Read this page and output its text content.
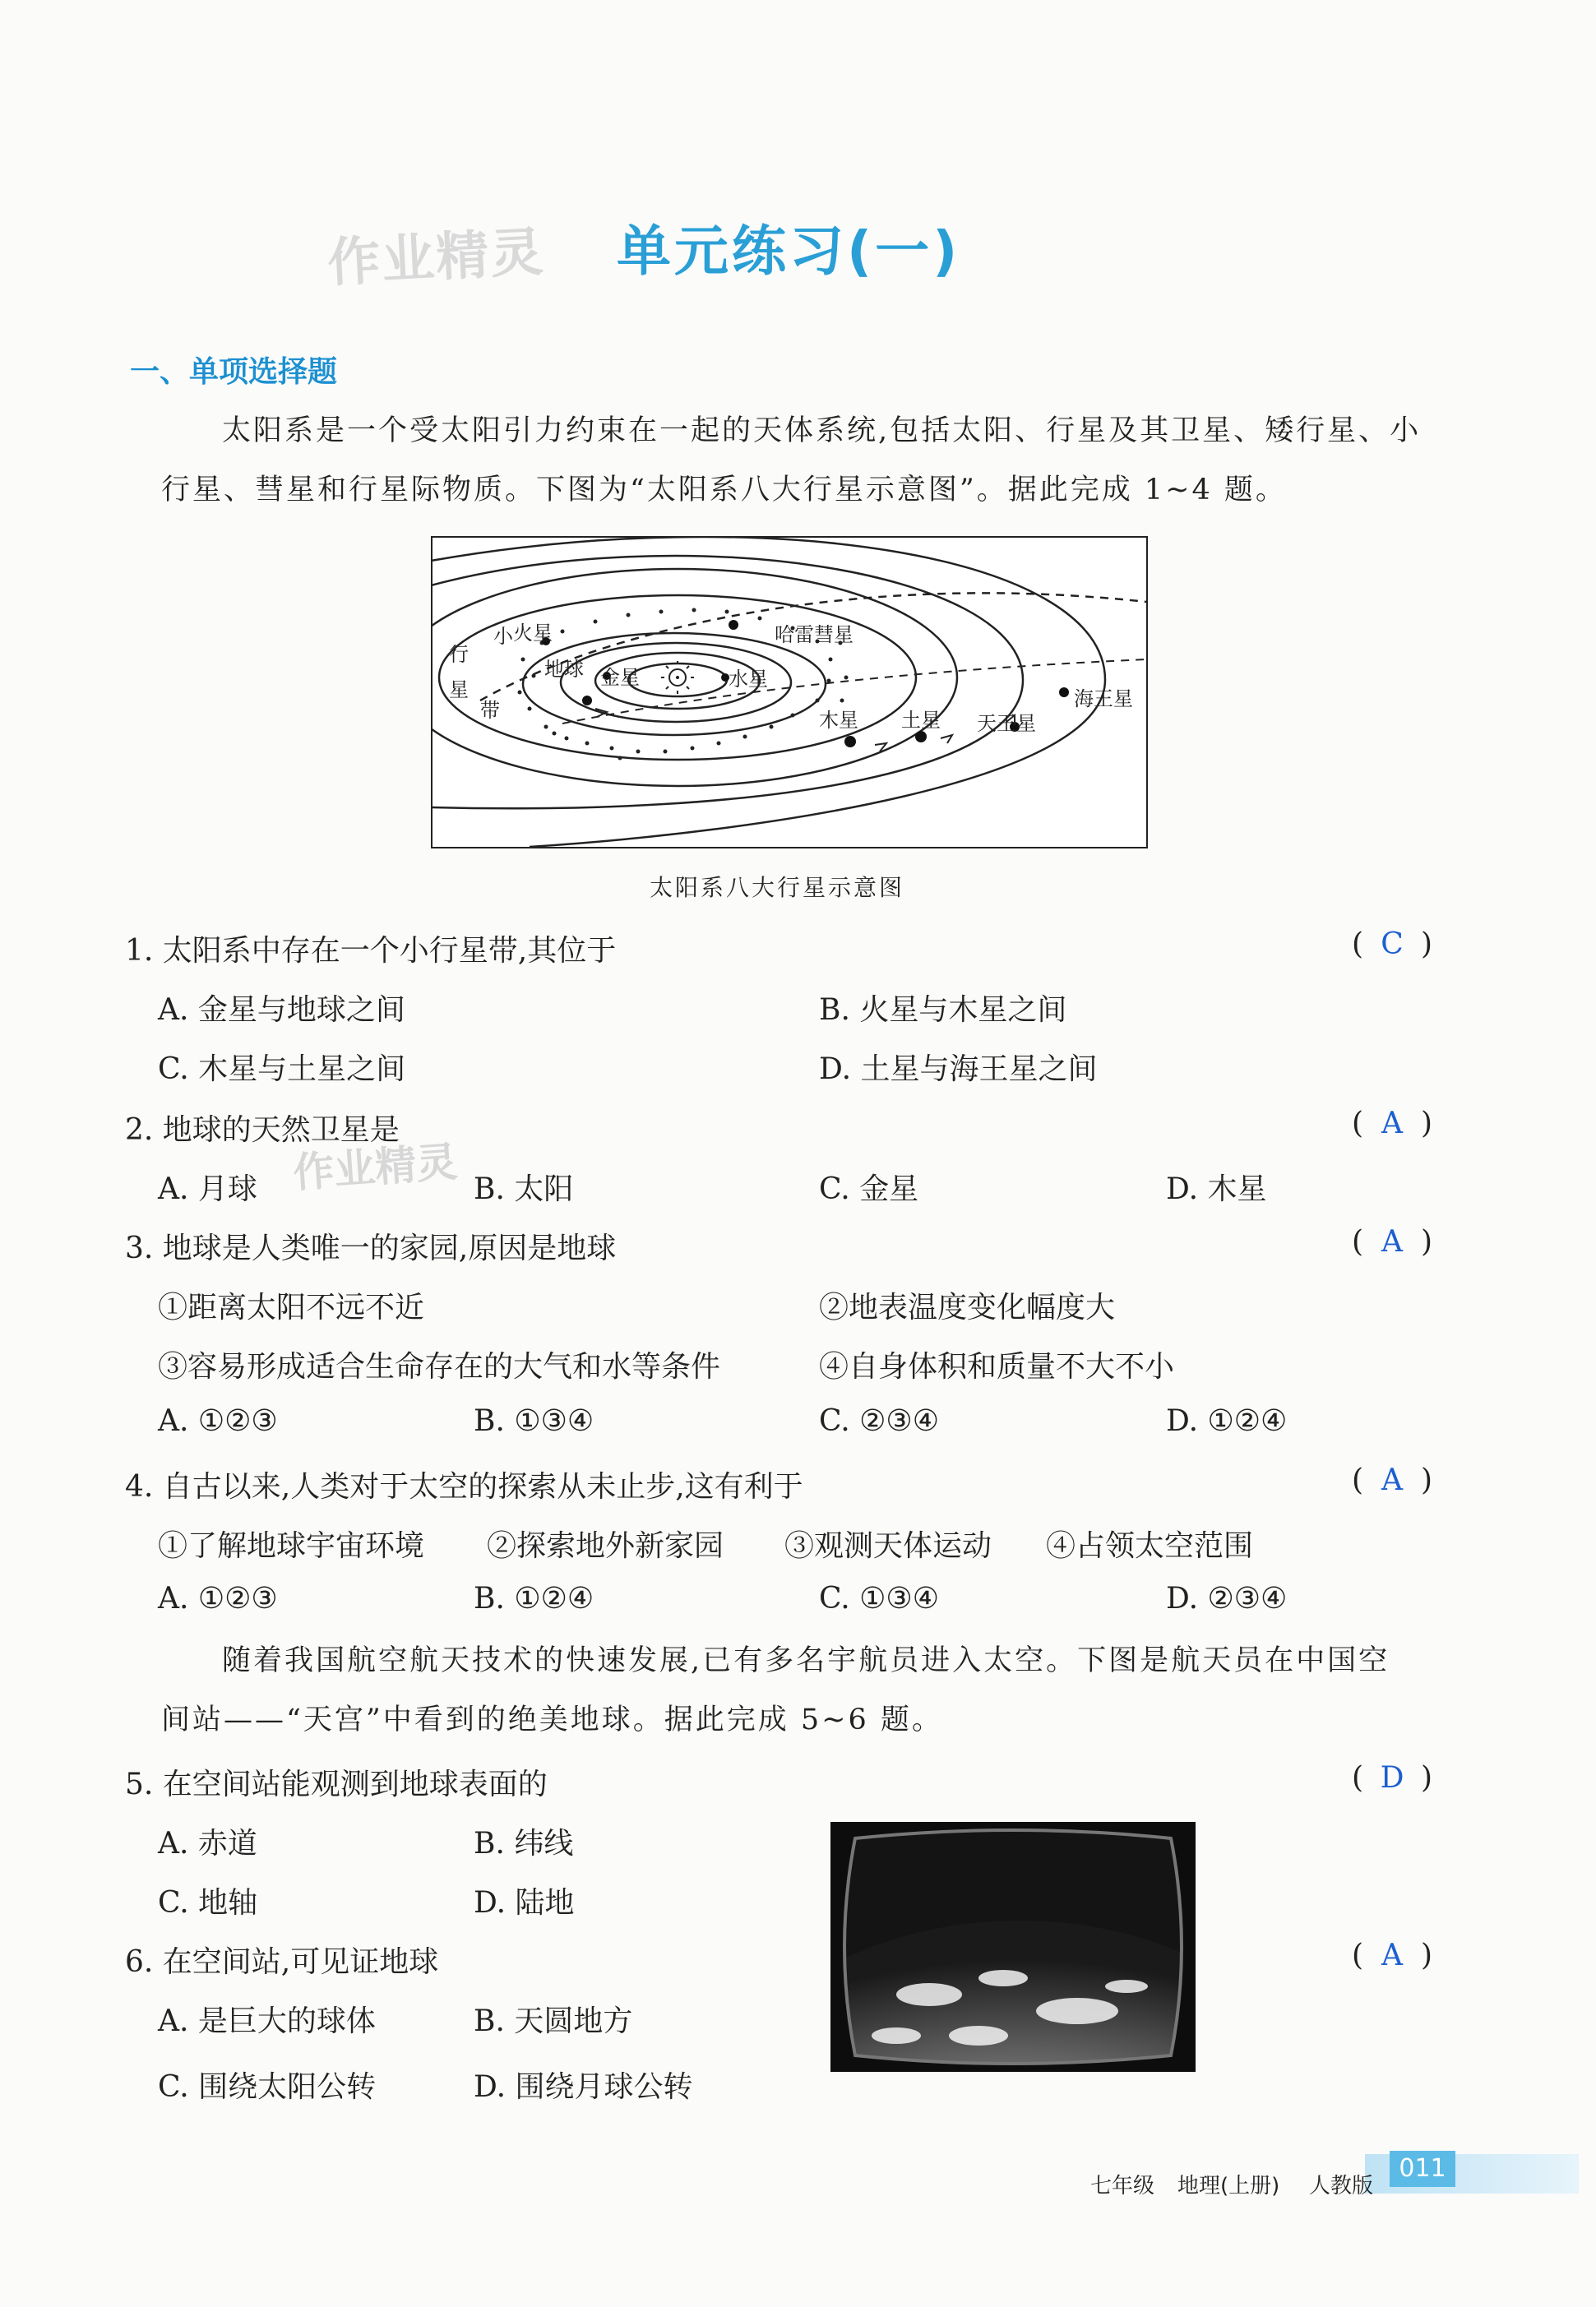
作业精灵 单元练习(一)
一、单项选择题
太阳系是一个受太阳引力约束在一起的天体系统,包括太阳、行星及其卫星、矮行星、小
行星、彗星和行星际物质。下图为“太阳系八大行星示意图”。据此完成 1~4 题。
小
行
星
带
火星
地球 金星	水星
哈雷彗星
木星 土星 天王星
海王星
太阳系八大行星示意图
1. 太阳系中存在一个小行星带,其位于	( C )
A. 金星与地球之间	B. 火星与木星之间
C. 木星与土星之间	D. 土星与海王星之间
2. 地球的天然卫星是	( A )
作业精灵
A. 月球	B. 太阳	C. 金星	D. 木星
3. 地球是人类唯一的家园,原因是地球	( A )
①距离太阳不远不近	②地表温度变化幅度大
③容易形成适合生命存在的大气和水等条件	④自身体积和质量不大不小
A. ①②③	B. ①③④	C. ②③④	D. ①②④
4. 自古以来,人类对于太空的探索从未止步,这有利于	( A )
①了解地球宇宙环境 ②探索地外新家园 ③观测天体运动 ④占领太空范围
A. ①②③	B. ①②④	C. ①③④	D. ②③④
随着我国航空航天技术的快速发展,已有多名宇航员进入太空。下图是航天员在中国空
间站——“天宫”中看到的绝美地球。据此完成 5~6 题。
5. 在空间站能观测到地球表面的	( D )
A. 赤道	B. 纬线
C. 地轴	D. 陆地
6. 在空间站,可见证地球	( A )
A. 是巨大的球体	B. 天圆地方
C. 围绕太阳公转	D. 围绕月球公转
七年级 地理(上册) 人教版
011
